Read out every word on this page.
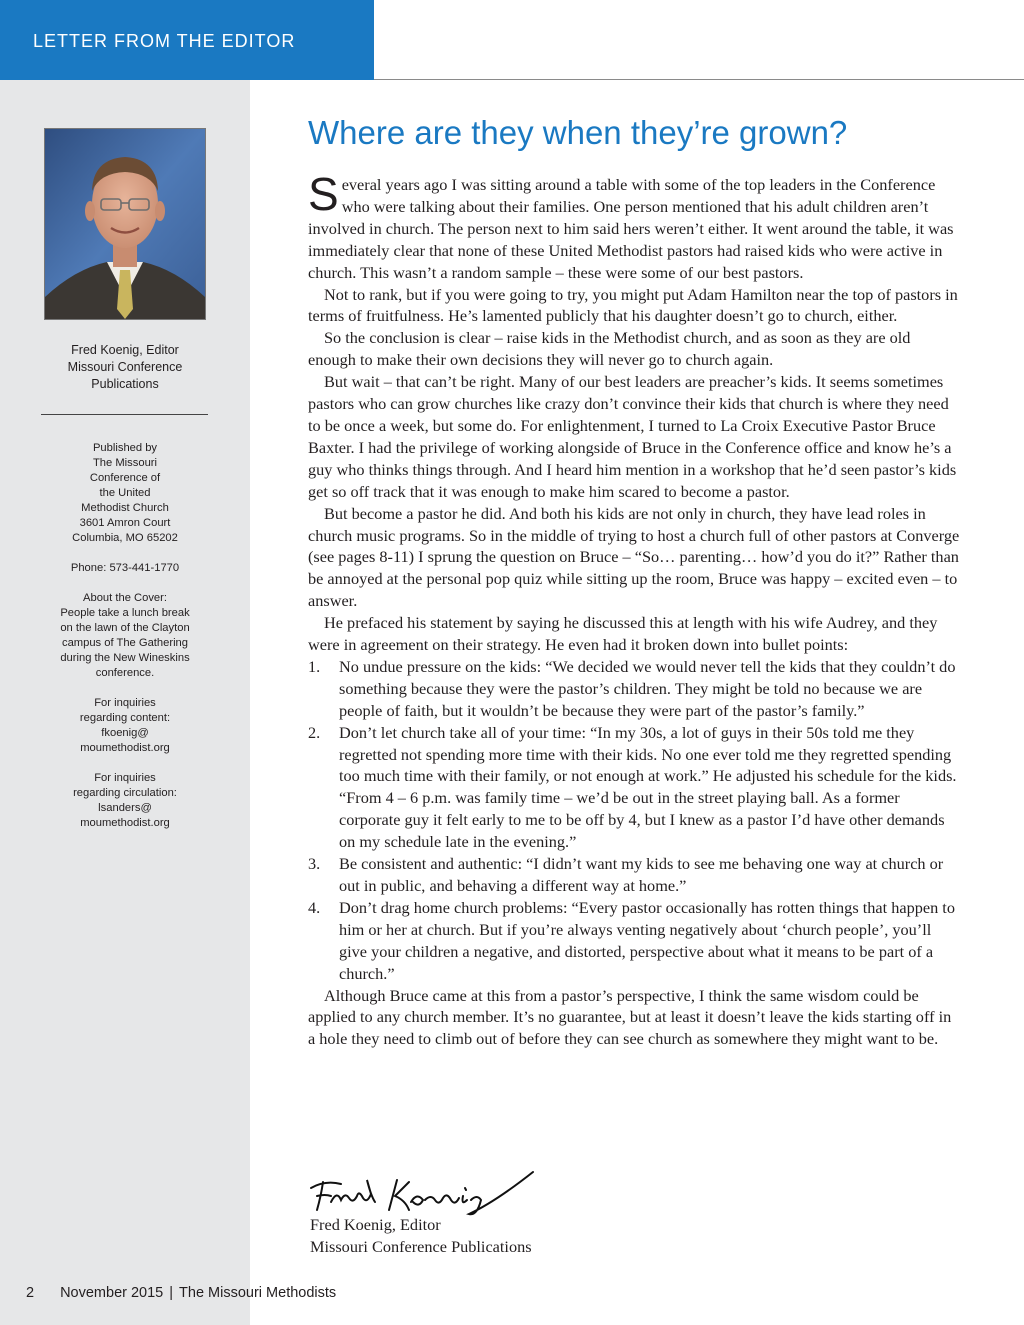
LETTER FROM THE EDITOR
Fred Koenig, Editor
Missouri Conference
Publications

Published by
The Missouri
Conference of
the United
Methodist Church
3601 Amron Court
Columbia, MO 65202

Phone: 573-441-1770

About the Cover:
People take a lunch break
on the lawn of the Clayton
campus of The Gathering
during the New Wineskins
conference.

For inquiries
regarding content:
fkoenig@
moumethodist.org

For inquiries
regarding circulation:
lsanders@
moumethodist.org

Where are they when they’re grown?

Several years ago I was sitting around a table with some of the top leaders in the Conference who were talking about their families. One person mentioned that his adult children aren’t involved in church. The person next to him said hers weren’t either. It went around the table, it was immediately clear that none of these United Methodist pastors had raised kids who were active in church. This wasn’t a random sample – these were some of our best pastors.

Not to rank, but if you were going to try, you might put Adam Hamilton near the top of pastors in terms of fruitfulness. He’s lamented publicly that his daughter doesn’t go to church, either.

So the conclusion is clear – raise kids in the Methodist church, and as soon as they are old enough to make their own decisions they will never go to church again.

But wait – that can’t be right. Many of our best leaders are preacher’s kids. It seems sometimes pastors who can grow churches like crazy don’t convince their kids that church is where they need to be once a week, but some do. For enlightenment, I turned to La Croix Executive Pastor Bruce Baxter. I had the privilege of working alongside of Bruce in the Conference office and know he’s a guy who thinks things through. And I heard him mention in a workshop that he’d seen pastor’s kids get so off track that it was enough to make him scared to become a pastor.

But become a pastor he did. And both his kids are not only in church, they have lead roles in church music programs. So in the middle of trying to host a church full of other pastors at Converge (see pages 8-11) I sprung the question on Bruce – “So… parenting… how’d you do it?” Rather than be annoyed at the personal pop quiz while sitting up the room, Bruce was happy – excited even – to answer.

He prefaced his statement by saying he discussed this at length with his wife Audrey, and they were in agreement on their strategy. He even had it broken down into bullet points:

1.	No undue pressure on the kids: “We decided we would never tell the kids that they couldn’t do something because they were the pastor’s children. They might be told no because we are people of faith, but it wouldn’t be because they were part of the pastor’s family.”
2.	Don’t let church take all of your time: “In my 30s, a lot of guys in their 50s told me they regretted not spending more time with their kids. No one ever told me they regretted spending too much time with their family, or not enough at work.” He adjusted his schedule for the kids. “From 4 – 6 p.m. was family time – we’d be out in the street playing ball. As a former corporate guy it felt early to me to be off by 4, but I knew as a pastor I’d have other demands on my schedule late in the evening.”
3.	Be consistent and authentic: “I didn’t want my kids to see me behaving one way at church or out in public, and behaving a different way at home.”
4.	Don’t drag home church problems: “Every pastor occasionally has rotten things that happen to him or her at church. But if you’re always venting negatively about ‘church people’, you’ll give your children a negative, and distorted, perspective about what it means to be part of a church.”

Although Bruce came at this from a pastor’s perspective, I think the same wisdom could be applied to any church member. It’s no guarantee, but at least it doesn’t leave the kids starting off in a hole they need to climb out of before they can see church as somewhere they might want to be.

Fred Koenig, Editor
Missouri Conference Publications
2 November 2015 | The Missouri Methodists
